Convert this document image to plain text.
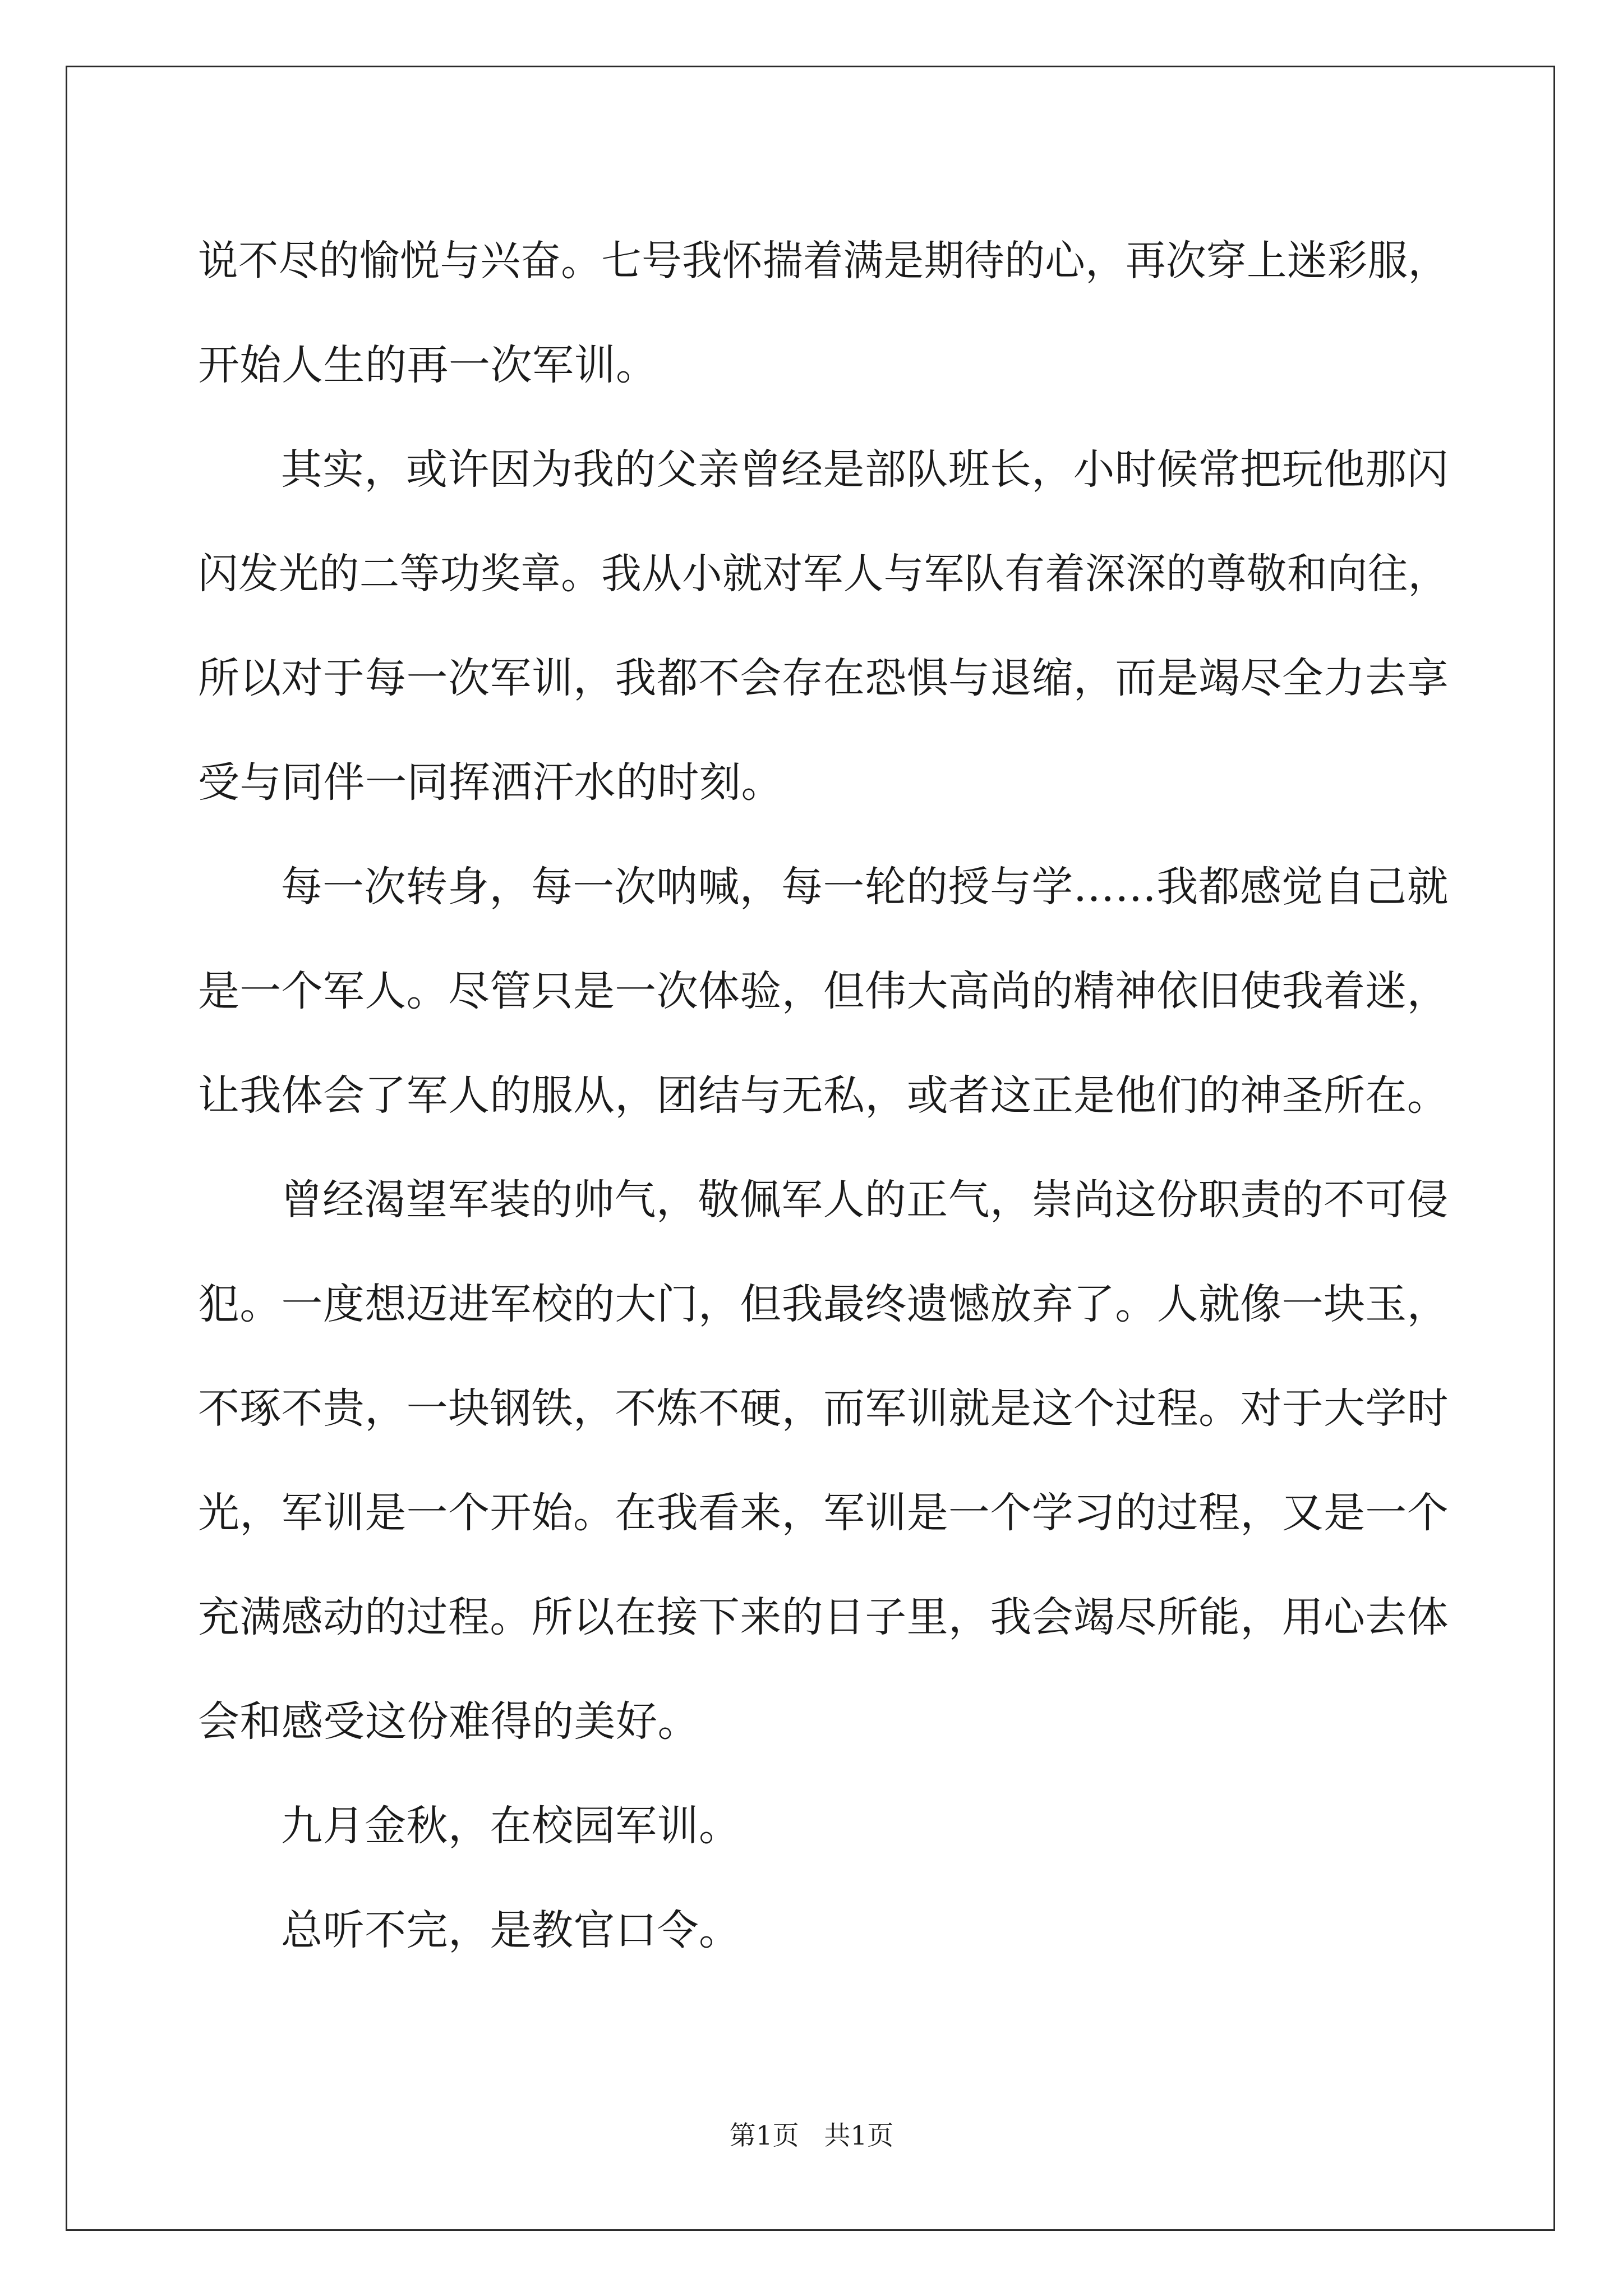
说不尽的愉悦与兴奋。七号我怀揣着满是期待的心，再次穿上迷彩服，
开始人生的再一次军训。

其实，或许因为我的父亲曾经是部队班长，小时候常把玩他那闪
闪发光的二等功奖章。我从小就对军人与军队有着深深的尊敬和向往，
所以对于每一次军训，我都不会存在恐惧与退缩，而是竭尽全力去享
受与同伴一同挥洒汗水的时刻。

每一次转身，每一次呐喊，每一轮的授与学……我都感觉自己就
是一个军人。尽管只是一次体验，但伟大高尚的精神依旧使我着迷，
让我体会了军人的服从，团结与无私，或者这正是他们的神圣所在。

曾经渴望军装的帅气，敬佩军人的正气，崇尚这份职责的不可侵
犯。一度想迈进军校的大门，但我最终遗憾放弃了。人就像一块玉，
不琢不贵，一块钢铁，不炼不硬，而军训就是这个过程。对于大学时
光，军训是一个开始。在我看来，军训是一个学习的过程，又是一个
充满感动的过程。所以在接下来的日子里，我会竭尽所能，用心去体
会和感受这份难得的美好。

九月金秋，在校园军训。

总听不完，是教官口令。

第1页   共1页
